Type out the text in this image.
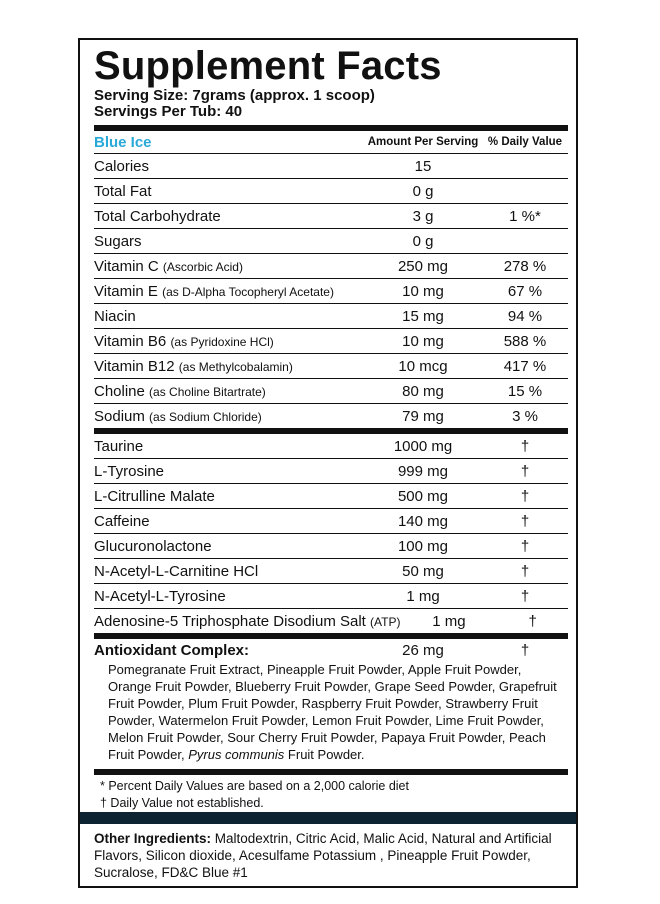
Supplement Facts
Serving Size: 7grams (approx. 1 scoop)
Servings Per Tub: 40
Blue Ice	Amount Per Serving % Daily Value
Calories	15
Total Fat	0 g
Total Carbohydrate	3 g	1 %*
Sugars	0 g
Vitamin C (Ascorbic Acid)	250 mg	278 %
Vitamin E (as D-Alpha Tocopheryl Acetate)	10 mg	67 %
Niacin	15 mg	94 %
Vitamin B6 (as Pyridoxine HCl)	10 mg	588 %
Vitamin B12 (as Methylcobalamin)	10 mcg	417 %
Choline (as Choline Bitartrate)	80 mg	15 %
Sodium (as Sodium Chloride)	79 mg	3 %
Taurine	1000 mg	†
L-Tyrosine	999 mg	†
L-Citrulline Malate	500 mg	†
Caffeine	140 mg	†
Glucuronolactone	100 mg	†
N-Acetyl-L-Carnitine HCl	50 mg	†
N-Acetyl-L-Tyrosine	1 mg	†
Adenosine-5 Triphosphate Disodium Salt (ATP)	1 mg	†
Antioxidant Complex:	26 mg	†
Pomegranate Fruit Extract, Pineapple Fruit Powder, Apple Fruit Powder, Orange Fruit Powder, Blueberry Fruit Powder, Grape Seed Powder, Grapefruit Fruit Powder, Plum Fruit Powder, Raspberry Fruit Powder, Strawberry Fruit Powder, Watermelon Fruit Powder, Lemon Fruit Powder, Lime Fruit Powder, Melon Fruit Powder, Sour Cherry Fruit Powder, Papaya Fruit Powder, Peach Fruit Powder, Pyrus communis Fruit Powder.
* Percent Daily Values are based on a 2,000 calorie diet
† Daily Value not established.
Other Ingredients: Maltodextrin, Citric Acid, Malic Acid, Natural and Artificial Flavors, Silicon dioxide, Acesulfame Potassium , Pineapple Fruit Powder, Sucralose, FD&C Blue #1
